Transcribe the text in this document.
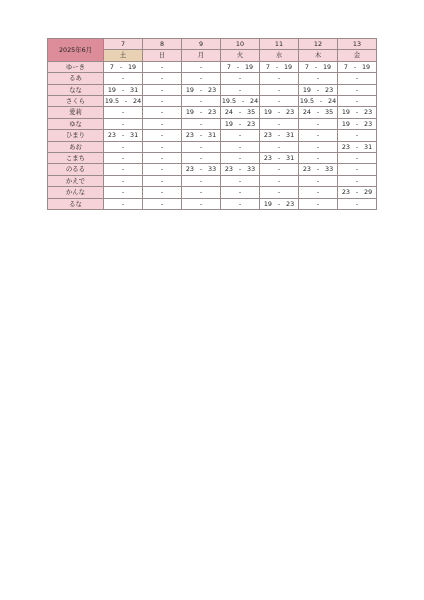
2025年6月	7	8	9	10	11	12	13
	土	日	月	火	水	木	金
ゆーき	7 - 19	-	-	7 - 19	7 - 19	7 - 19	7 - 19
るあ	-	-	-	-	-	-	-
なな	19 - 31	-	19 - 23	-	-	19 - 23	-
さくら	19.5 - 24	-	-	19.5 - 24	-	19.5 - 24	-
愛莉	-	-	19 - 23	24 - 35	19 - 23	24 - 35	19 - 23
ゆな	-	-	-	19 - 23	-	-	19 - 23
ひまり	23 - 31	-	23 - 31	-	23 - 31	-	-
あお	-	-	-	-	-	-	23 - 31
こまち	-	-	-	-	23 - 31	-	-
のるる	-	-	23 - 33	23 - 33	-	23 - 33	-
かえで	-	-	-	-	-	-	-
かんな	-	-	-	-	-	-	23 - 29
るな	-	-	-	-	19 - 23	-	-
